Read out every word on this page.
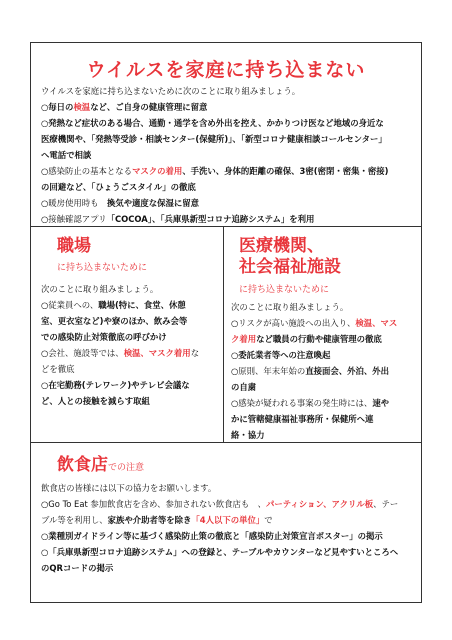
ウイルスを家庭に持ち込まない
ウイルスを家庭に持ち込まないために次のことに取り組みましょう。
○毎日の検温など、ご自身の健康管理に留意
○発熱など症状のある場合、通勤・通学を含め外出を控え、かかりつけ医など地域の身近な
医療機関や、「発熱等受診・相談センター(保健所)」、「新型コロナ健康相談コールセンター」
へ電話で相談
○感染防止の基本となるマスクの着用、手洗い、身体的距離の確保、3密(密閉・密集・密接)
の回避など、「ひょうごスタイル」の徹底
○暖房使用時も　換気や適度な保湿に留意
○接触確認アプリ「COCOA」、「兵庫県新型コロナ追跡システム」を利用
職場
に持ち込まないために
次のことに取り組みましょう。
○従業員への、職場(特に、食堂、休憩
室、更衣室など)や寮のほか、飲み会等
での感染防止対策徹底の呼びかけ
○会社、施設等では、検温、マスク着用な
どを徹底
○在宅勤務(テレワーク)やテレビ会議な
ど、人との接触を減らす取組
医療機関、
社会福祉施設
に持ち込まないために
次のことに取り組みましょう。
○リスクが高い施設への出入り、検温、マス
ク着用など職員の行動や健康管理の徹底
○委託業者等への注意喚起
○原則、年末年始の直接面会、外泊、外出
の自粛
○感染が疑われる事案の発生時には、速や
かに管轄健康福祉事務所・保健所へ連
絡・協力
飲食店での注意
飲食店の皆様には以下の協力をお願いします。
○Go To Eat 参加飲食店を含め、参加されない飲食店も　、パーティション、アクリル板、テー
ブル等を利用し、家族や介助者等を除き「4人以下の単位」で
○業種別ガイドライン等に基づく感染防止策の徹底と「感染防止対策宣言ポスター」の掲示
○「兵庫県新型コロナ追跡システム」への登録と、テーブルやカウンターなど見やすいところへ
のQRコードの掲示
